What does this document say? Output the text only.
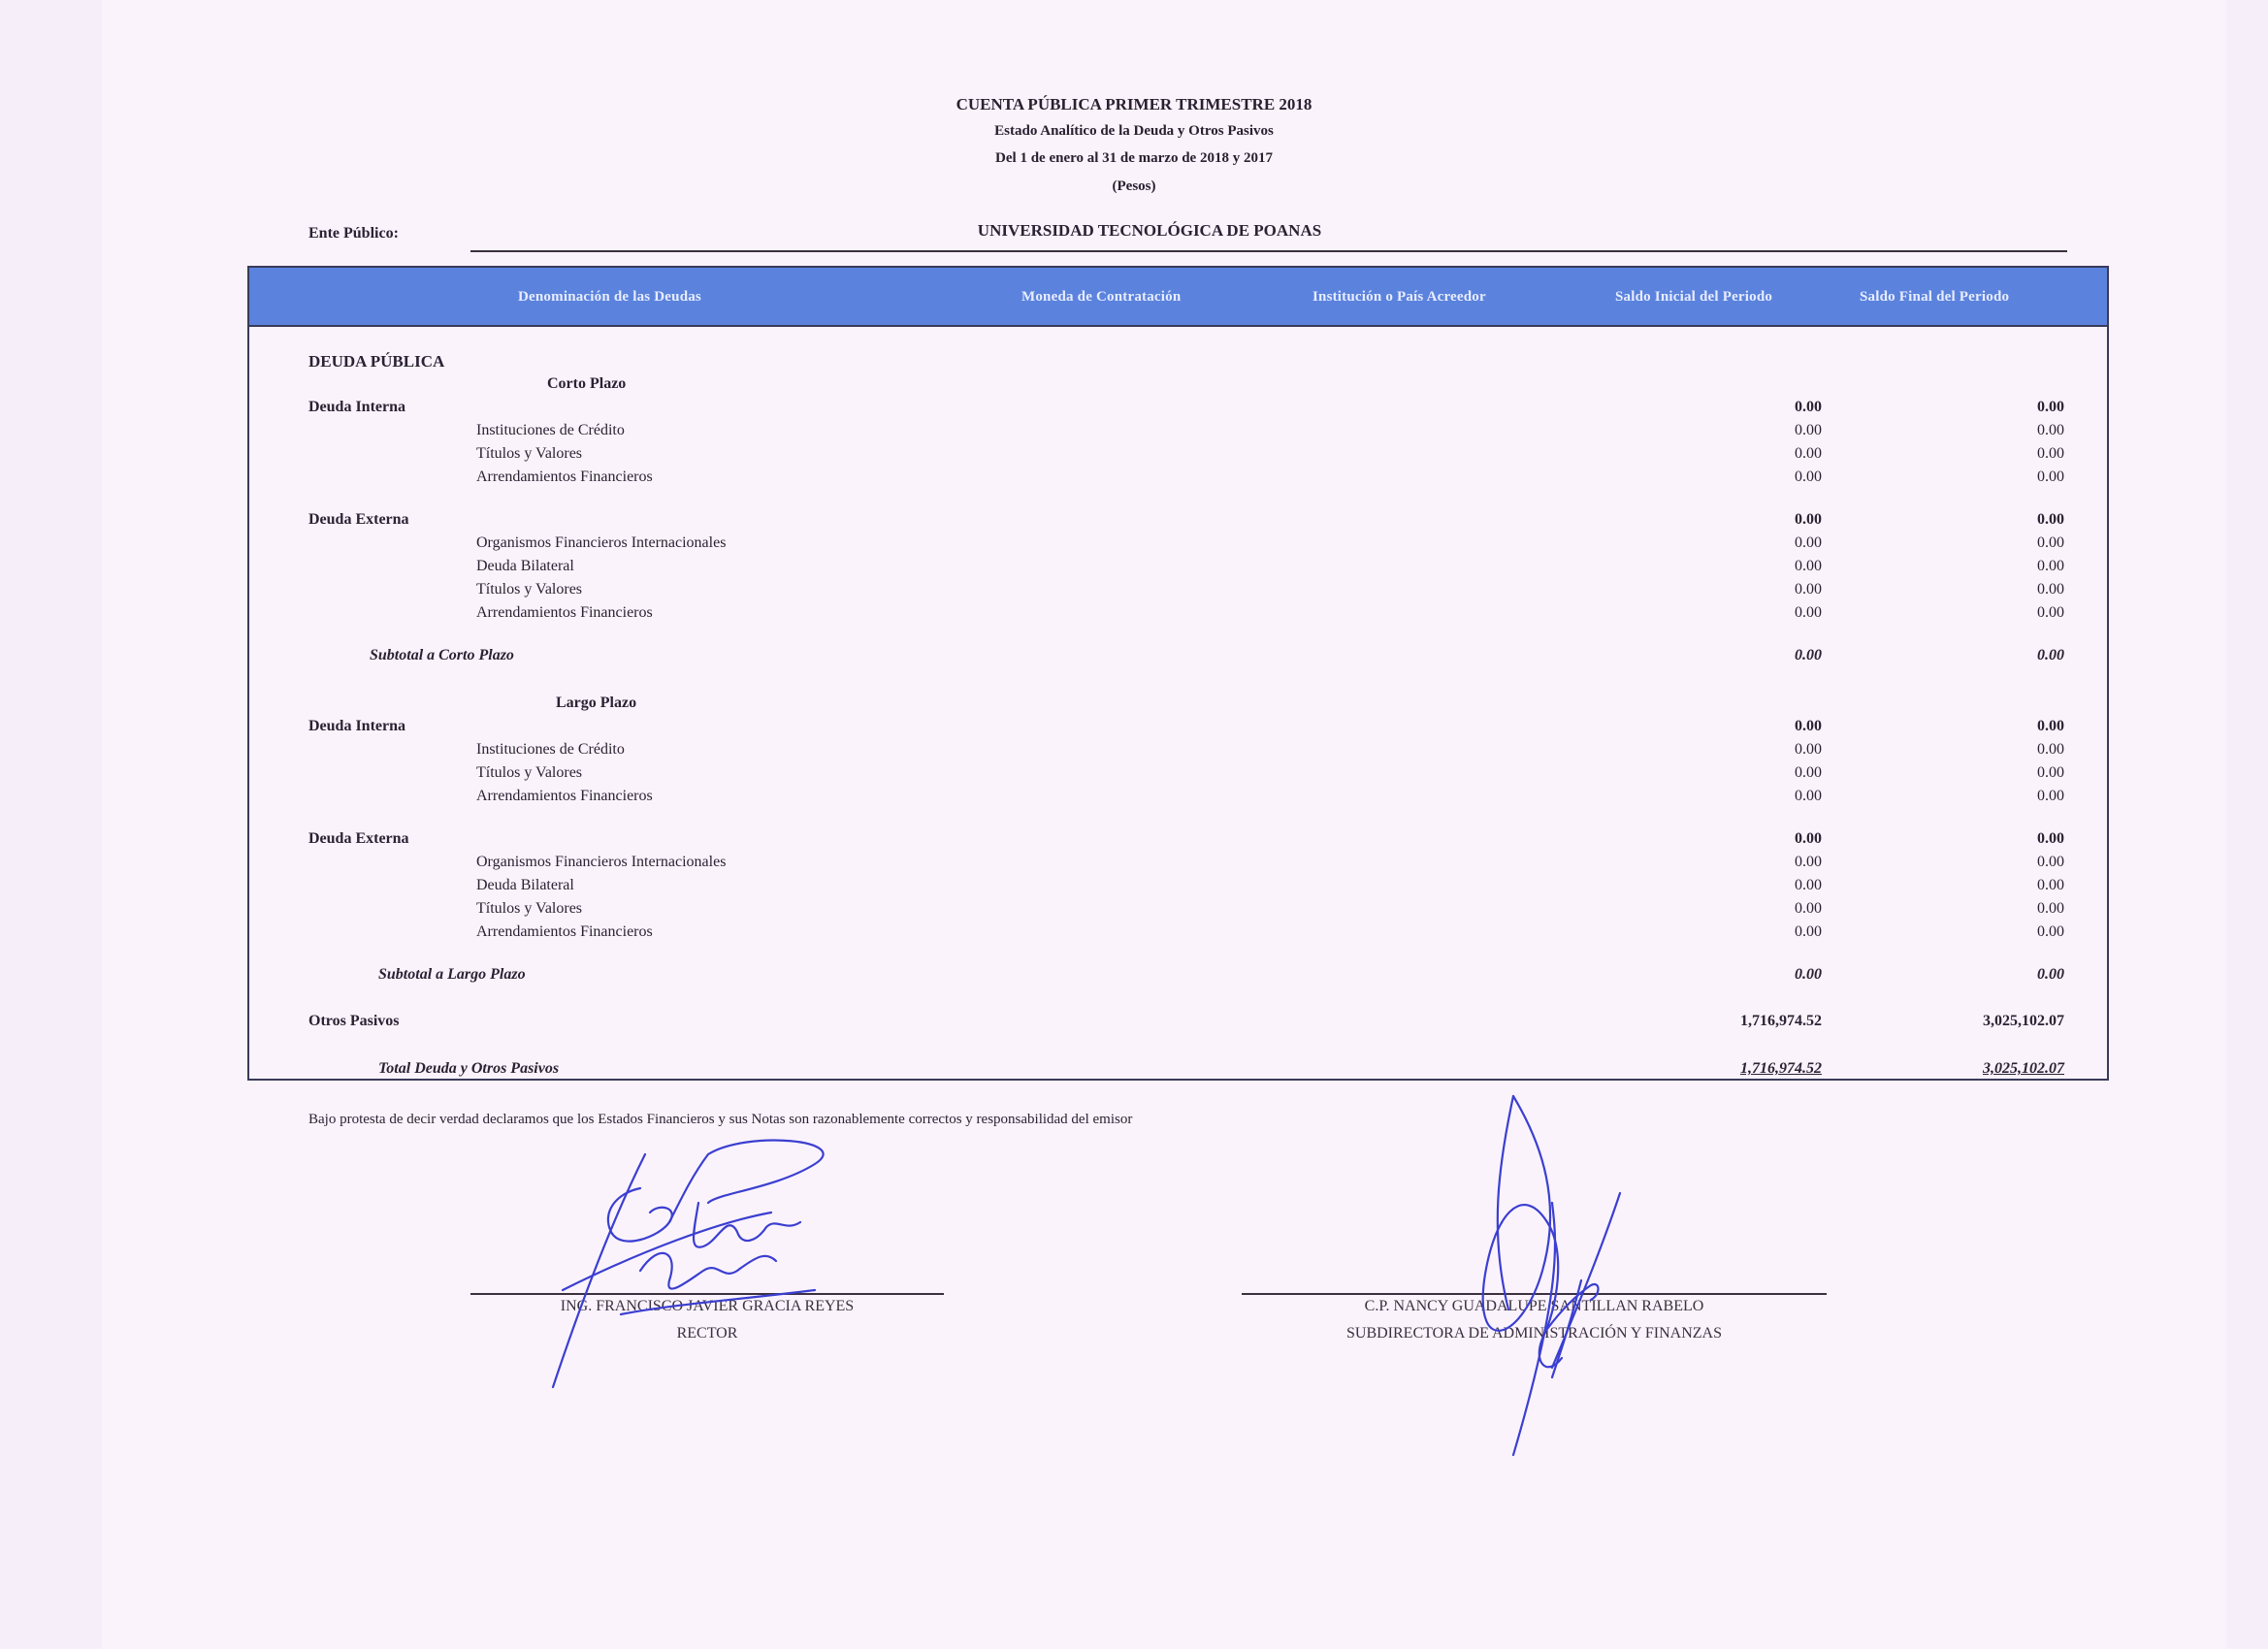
CUENTA PÚBLICA PRIMER TRIMESTRE 2018
Estado Analítico de la Deuda y Otros Pasivos
Del 1 de enero al 31 de marzo de 2018 y 2017
(Pesos)
Ente Público:	UNIVERSIDAD TECNOLÓGICA DE POANAS
Denominación de las Deudas	Moneda de Contratación	Institución o País Acreedor	Saldo Inicial del Periodo	Saldo Final del Periodo
DEUDA PÚBLICA
Corto Plazo
Deuda Interna	0.00	0.00
Instituciones de Crédito	0.00	0.00
Títulos y Valores	0.00	0.00
Arrendamientos Financieros	0.00	0.00
Deuda Externa	0.00	0.00
Organismos Financieros Internacionales	0.00	0.00
Deuda Bilateral	0.00	0.00
Títulos y Valores	0.00	0.00
Arrendamientos Financieros	0.00	0.00
Subtotal a Corto Plazo	0.00	0.00
Largo Plazo
Deuda Interna	0.00	0.00
Instituciones de Crédito	0.00	0.00
Títulos y Valores	0.00	0.00
Arrendamientos Financieros	0.00	0.00
Deuda Externa	0.00	0.00
Organismos Financieros Internacionales	0.00	0.00
Deuda Bilateral	0.00	0.00
Títulos y Valores	0.00	0.00
Arrendamientos Financieros	0.00	0.00
Subtotal a Largo Plazo	0.00	0.00
Otros Pasivos	1,716,974.52	3,025,102.07
Total Deuda y Otros Pasivos	1,716,974.52	3,025,102.07
Bajo protesta de decir verdad declaramos que los Estados Financieros y sus Notas son razonablemente correctos y responsabilidad del emisor
ING. FRANCISCO JAVIER GRACIA REYES
RECTOR
C.P. NANCY GUADALUPE SANTILLAN RABELO
SUBDIRECTORA DE ADMINISTRACIÓN Y FINANZAS
